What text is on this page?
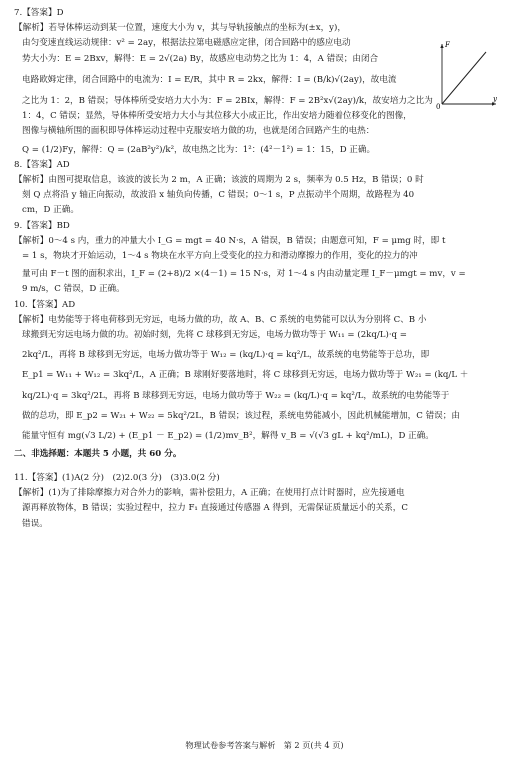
7.【答案】D

【解析】若导体棒运动到某一位置，速度大小为 v，其与导轨接触点的坐标为(±x，y)，

由匀变速直线运动规律：v² = 2ay，根据法拉第电磁感应定律，闭合回路中的感应电动

势大小为：E = 2Bxv，解得：E = 2√(2a) By，故感应电动势之比为 1：4，A 错误；由闭合

电路欧姆定律，闭合回路中的电流为：I = E/R，其中 R = 2kx，解得：I = (B/k)√(2ay)，故电流

之比为 1：2，B 错误；导体棒所受安培力大小为：F = 2BIx，解得：F = 2B²x√(2ay)/k，故安培力之比为

1：4，C 错误；显然，导体棒所受安培力大小与其位移大小成正比，作出安培力随着位移变化的图像，

图像与横轴所围的面积即导体棒运动过程中克服安培力做的功，也就是闭合回路产生的电热：

Q = (1/2)Fy，解得：Q = (2aB²y²)/k²，故电热之比为：1²：(4²－1²) = 1：15，D 正确。

F
y
0

8.【答案】AD

【解析】由图可提取信息，该波的波长为 2 m，A 正确；该波的周期为 2 s，频率为 0.5 Hz，B 错误；0 时

刻 Q 点将沿 y 轴正向振动，故波沿 x 轴负向传播，C 错误；0～1 s，P 点振动半个周期，故路程为 40

cm，D 正确。

9.【答案】BD

【解析】0～4 s 内，重力的冲量大小 I_G = mgt = 40 N·s，A 错误，B 错误；由题意可知，F = μmg 时，即 t

= 1 s，物块才开始运动，1～4 s 物块在水平方向上受变化的拉力和滑动摩擦力的作用，变化的拉力的冲

量可由 F－t 图的面积求出，I_F = (2+8)/2 ×(4－1) = 15 N·s，对 1～4 s 内由动量定理 I_F－μmgt = mv，v =

9 m/s，C 错误，D 正确。

10.【答案】AD

【解析】电势能等于将电荷移到无穷远，电场力做的功，故 A、B、C 系统的电势能可以认为分别将 C、B 小

球搬到无穷远电场力做的功。初始时刻，先将 C 球移到无穷远，电场力做功等于 W₁₁ = (2kq/L)·q =

2kq²/L，再将 B 球移到无穷远，电场力做功等于 W₁₂ = (kq/L)·q = kq²/L，故系统的电势能等于总功，即

E_p1 = W₁₁ + W₁₂ = 3kq²/L，A 正确；B 球刚好要落地时，将 C 球移到无穷远，电场力做功等于 W₂₁ = (kq/L ＋

kq/2L)·q = 3kq²/2L，再将 B 球移到无穷远，电场力做功等于 W₂₂ = (kq/L)·q = kq²/L，故系统的电势能等于

做的总功，即 E_p2 = W₂₁ + W₂₂ = 5kq²/2L，B 错误；该过程，系统电势能减小，因此机械能增加，C 错误；由

能量守恒有 mg(√3 L/2) + (E_p1 － E_p2) = (1/2)mv_B²，解得 v_B = √(√3 gL + kq²/mL)，D 正确。

二、非选择题：本题共 5 小题，共 60 分。

11.【答案】(1)A(2 分)　(2)2.0(3 分)　(3)3.0(2 分)

【解析】(1)为了排除摩擦力对合外力的影响，需补偿阻力，A 正确；在使用打点计时器时，应先接通电

源再释放物体，B 错误；实验过程中，拉力 F₁ 直接通过传感器 A 得到，无需保证质量远小的关系，C

错误。

物理试卷参考答案与解析　第 2 页(共 4 页)
